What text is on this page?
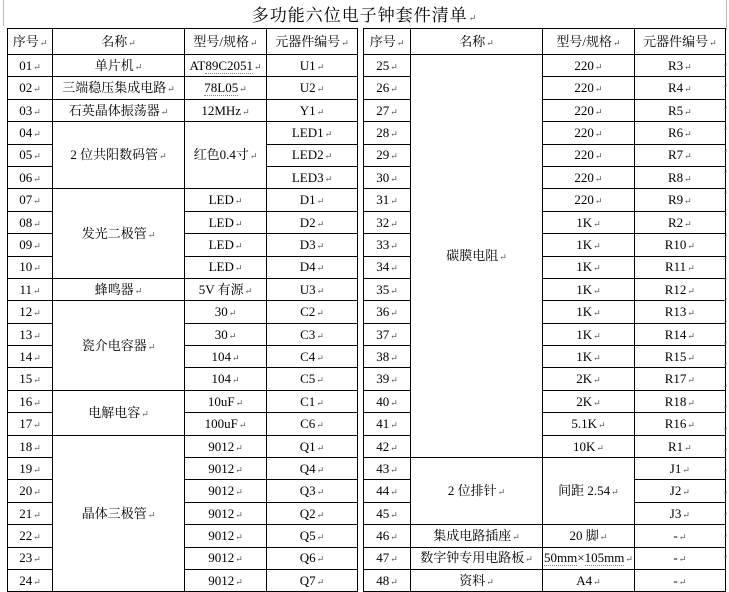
多功能六位电子钟套件清单↵
序号↵	名称↵	型号/规格↵	元器件编号↵
01↵	单片机↵	AT89C2051↵	U1↵
02↵	三端稳压集成电路↵	78L05↵	U2↵
03↵	石英晶体振荡器↵	12MHz↵	Y1↵
04↵	2 位共阳数码管↵	红色0.4寸↵	LED1↵
05↵			LED2↵
06↵			LED3↵
07↵	发光二极管↵	LED↵	D1↵
08↵		LED↵	D2↵
09↵		LED↵	D3↵
10↵		LED↵	D4↵
11↵	蜂鸣器↵	5V 有源↵	U3↵
12↵	瓷介电容器↵	30↵	C2↵
13↵		30↵	C3↵
14↵		104↵	C4↵
15↵		104↵	C5↵
16↵	电解电容↵	10uF↵	C1↵
17↵		100uF↵	C6↵
18↵	晶体三极管↵	9012↵	Q1↵
19↵		9012↵	Q4↵
20↵		9012↵	Q3↵
21↵		9012↵	Q2↵
22↵		9012↵	Q5↵
23↵		9012↵	Q6↵
24↵		9012↵	Q7↵
序号↵	名称↵	型号/规格↵	元器件编号↵
25↵	碳膜电阻↵	220↵	R3↵
26↵		220↵	R4↵
27↵		220↵	R5↵
28↵		220↵	R6↵
29↵		220↵	R7↵
30↵		220↵	R8↵
31↵		220↵	R9↵
32↵		1K↵	R2↵
33↵		1K↵	R10↵
34↵		1K↵	R11↵
35↵		1K↵	R12↵
36↵		1K↵	R13↵
37↵		1K↵	R14↵
38↵		1K↵	R15↵
39↵		2K↵	R17↵
40↵		2K↵	R18↵
41↵		5.1K↵	R16↵
42↵		10K↵	R1↵
43↵	2 位排针↵	间距 2.54↵	J1↵
44↵			J2↵
45↵			J3↵
46↵	集成电路插座↵	20 脚↵	-↵
47↵	数字钟专用电路板↵	50mm×105mm↵	-↵
48↵	资料↵	A4↵	-↵
↵
↵
↵
↵
↵
↵
↵
↵
↵
↵
↵
↵
↵
↵
↵
↵
↵
↵
↵
↵
↵
↵
↵
↵
